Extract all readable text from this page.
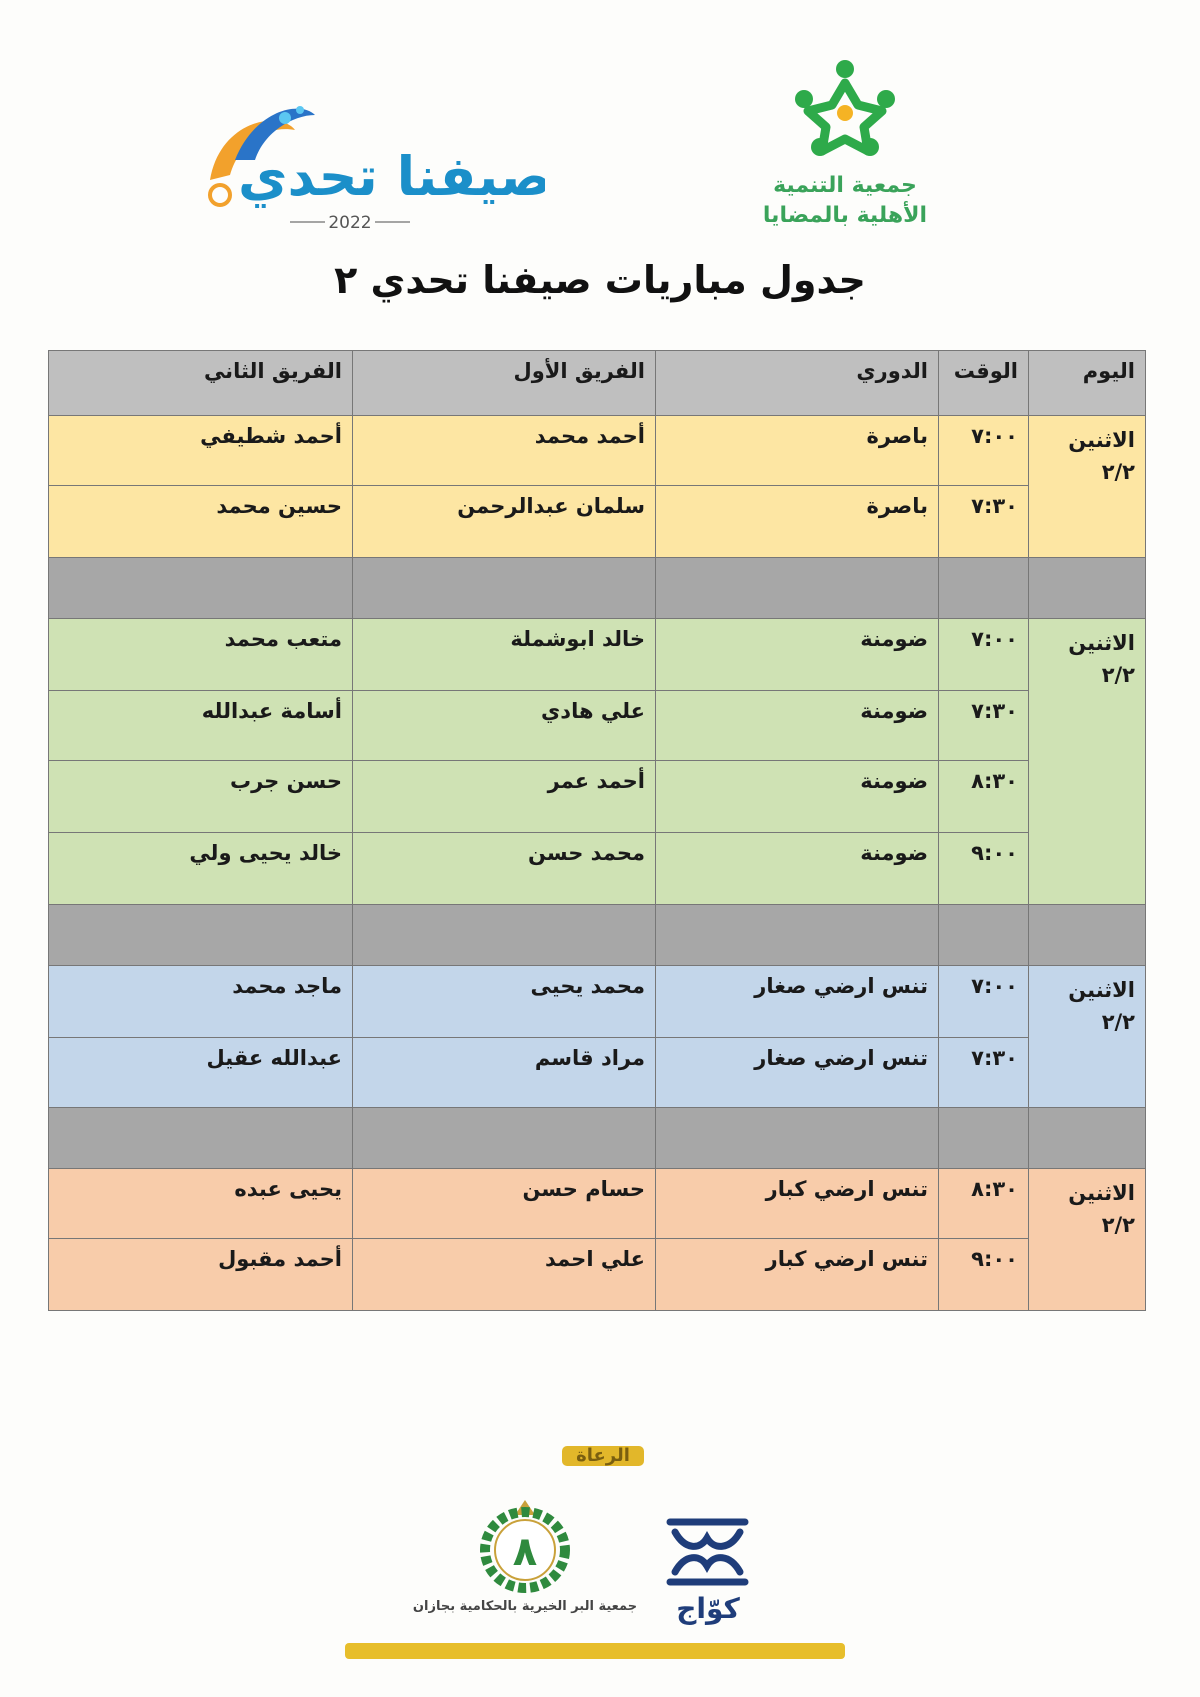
صيفنا تحدي
2022
جمعية التنمية
الأهلية بالمضايا
جدول مباريات صيفنا تحدي ٢
اليوم	الوقت	الدوري	الفريق الأول	الفريق الثاني

الاثنين
٢/٢	٧:٠٠	باصرة	أحمد محمد	أحمد شطيفي
	٧:٣٠	باصرة	سلمان عبدالرحمن	حسين محمد

الاثنين
٢/٢	٧:٠٠	ضومنة	خالد ابوشملة	متعب محمد
	٧:٣٠	ضومنة	علي هادي	أسامة عبدالله
	٨:٣٠	ضومنة	أحمد عمر	حسن جرب
	٩:٠٠	ضومنة	محمد حسن	خالد يحيى ولي

الاثنين
٢/٢	٧:٠٠	تنس ارضي صغار	محمد يحيى	ماجد محمد
	٧:٣٠	تنس ارضي صغار	مراد قاسم	عبدالله عقيل

الاثنين
٢/٢	٨:٣٠	تنس ارضي كبار	حسام حسن	يحيى عبده
	٩:٠٠	تنس ارضي كبار	علي احمد	أحمد مقبول
الرعاة
٨
جمعية البر الخيرية بالحكامية بجازان كوّاج
